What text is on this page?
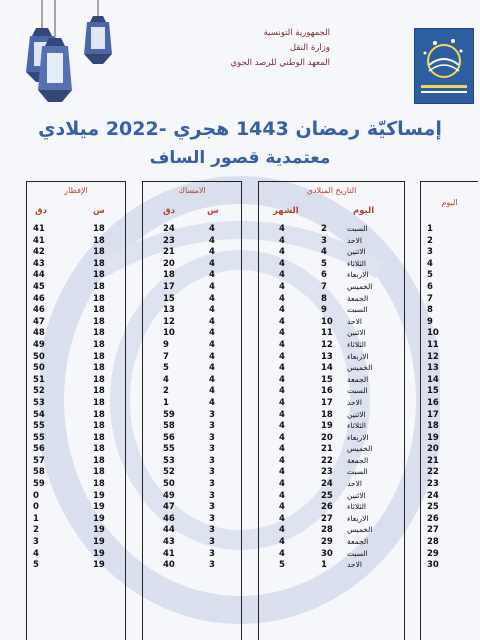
الجمهورية التونسية
وزارة النقل
المعهد الوطني للرصد الجوي
إمساكيّة رمضان 1443 هجري -2022 ميلادي
معتمدية قصور الساف
الإفطار
س
دق
41	18
41	18
42	18
43	18
44	18
45	18
46	18
46	18
47	18
48	18
49	18
50	18
50	18
51	18
52	18
53	18
54	18
55	18
55	18
56	18
57	18
58	18
59	18
0	19
0	19
1	19
2	19
3	19
4	19
5	19
الامساك
س
دق
24	4
23	4
21	4
20	4
18	4
17	4
15	4
13	4
12	4
10	4
9	4
7	4
5	4
4	4
2	4
1	4
59	3
58	3
56	3
55	3
53	3
52	3
50	3
49	3
47	3
46	3
44	3
43	3
41	3
40	3
التاريخ الميلادي
اليوم
الشهر
4	2	السبت
4	3	الاحد
4	4	الاثنين
4	5	الثلاثاء
4	6	الاربعاء
4	7	الخميس
4	8	الجمعة
4	9	السبت
4	10 الاحد
4	11 الاثنين
4	12 الثلاثاء
4	13 الاربعاء
4	14 الخميس
4	15 الجمعة
4	16 السبت
4	17 الاحد
4	18 الاثنين
4	19 الثلاثاء
4	20 الاربعاء
4	21 الخميس
4	22 الجمعة
4	23 السبت
4	24 الاحد
4	25 الاثنين
4	26 الثلاثاء
4	27 الاربعاء
4	28 الخميس
4	29 الجمعة
4	30 السبت
5	1	الاحد
اليوم
1
2
3
4
5
6
7
8
9
10
11
12
13
14
15
16
17
18
19
20
21
22
23
24
25
26
27
28
29
30
